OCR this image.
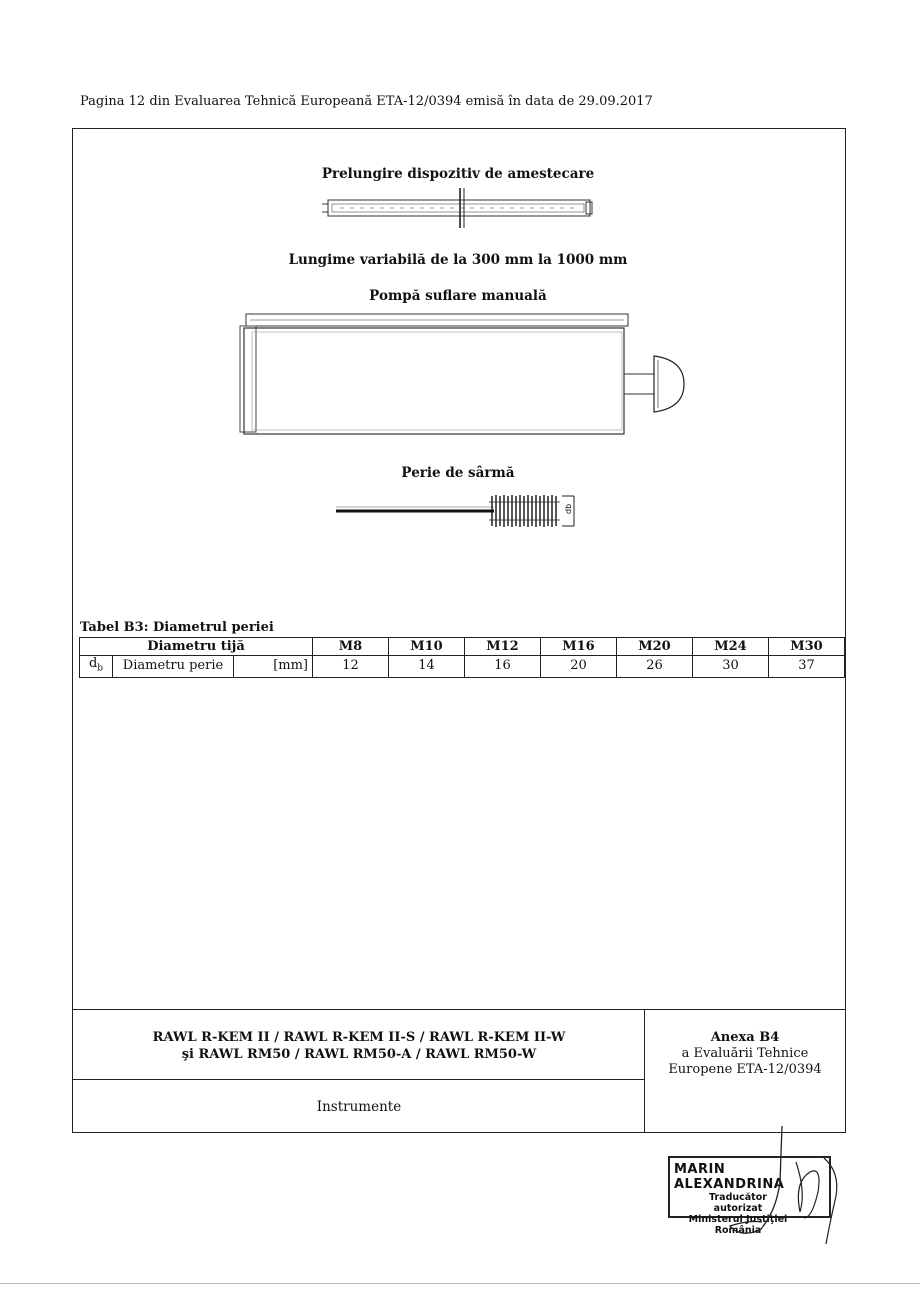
Pagina 12 din Evaluarea Tehnică Europeană ETA-12/0394 emisă în data de 29.09.2017
Prelungire dispozitiv de amestecare
Lungime variabilă de la 300 mm la 1000 mm
Pompă suflare manuală
Perie de sârmă
db
Tabel B3: Diametrul periei
Diametru tijă			M8	M10	M12	M16	M20	M24	M30
$d_b$	Diametru perie	[mm]	12	14	16	20	26	30	37
RAWL R-KEM II / RAWL R-KEM II-S / RAWL R-KEM II-W
şi RAWL RM50 / RAWL RM50-A / RAWL RM50-W
Instrumente
Anexa B4
a Evaluării Tehnice
Europene ETA-12/0394
MARIN ALEXANDRINA
Traducător autorizat
Ministerul Justiţiei
România
